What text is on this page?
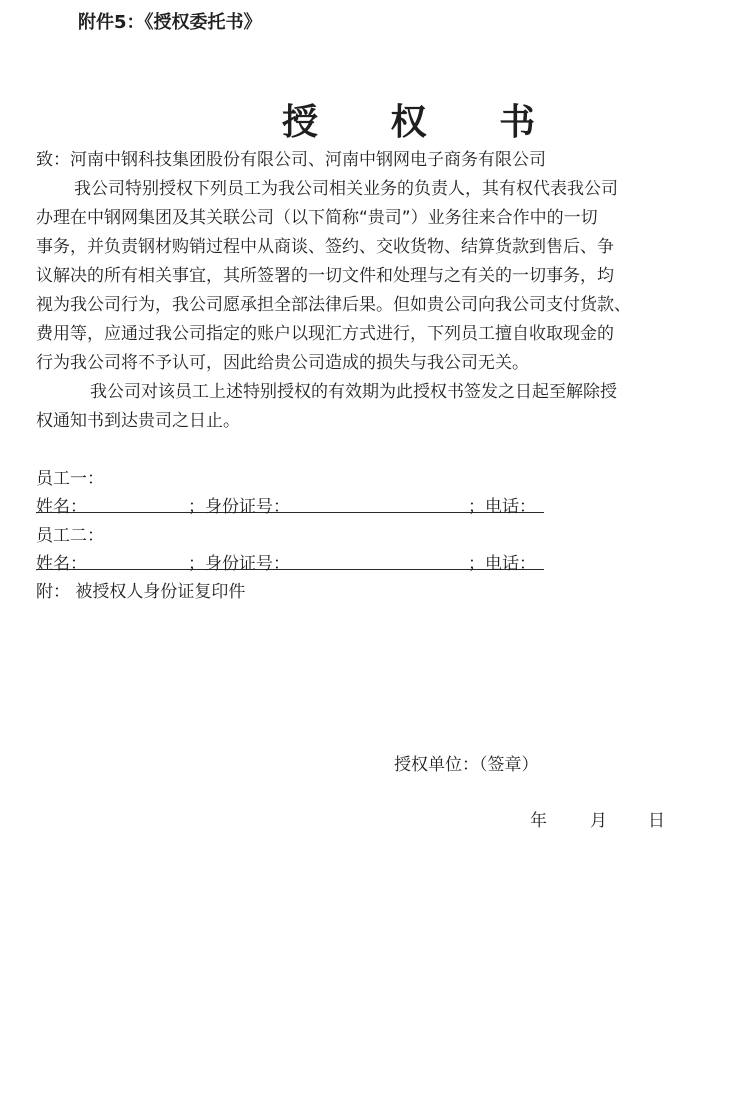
附件5：《授权委托书》
授 权 书
致：河南中钢科技集团股份有限公司、河南中钢网电子商务有限公司
我公司特别授权下列员工为我公司相关业务的负责人，其有权代表我公司
办理在中钢网集团及其关联公司（以下简称“贵司”）业务往来合作中的一切
事务，并负责钢材购销过程中从商谈、签约、交收货物、结算货款到售后、争
议解决的所有相关事宜，其所签署的一切文件和处理与之有关的一切事务，均
视为我公司行为，我公司愿承担全部法律后果。但如贵公司向我公司支付货款、
费用等，应通过我公司指定的账户以现汇方式进行，下列员工擅自收取现金的
行为我公司将不予认可，因此给贵公司造成的损失与我公司无关。
我公司对该员工上述特别授权的有效期为此授权书签发之日起至解除授
权通知书到达贵司之日止。
员工一：
姓名：	；身份证号：	；电话：
员工二：
姓名：	；身份证号：	；电话：
附： 被授权人身份证复印件
授权单位：（签章）
年	月 日
